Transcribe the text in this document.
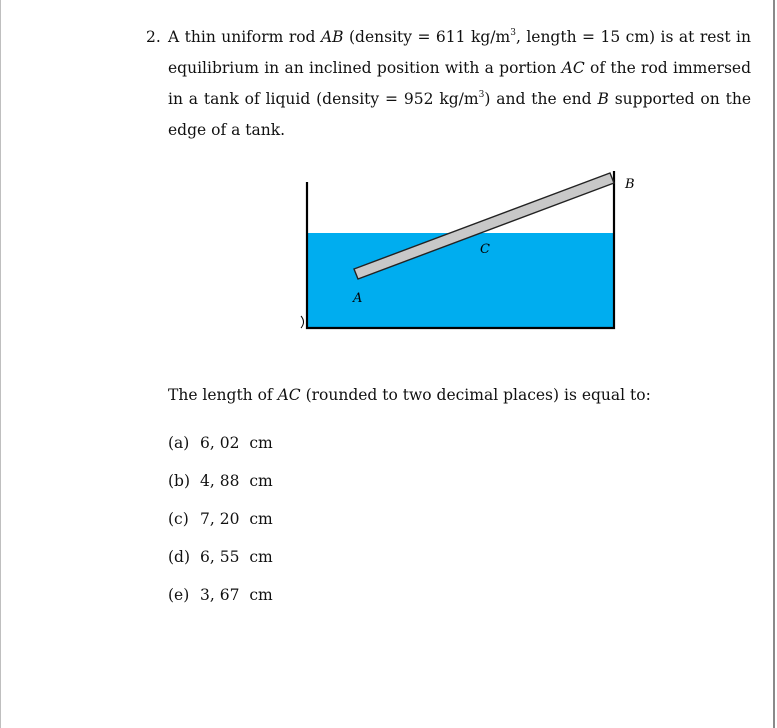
2. A thin uniform rod AB (density = 611 $kg/m^3$, length = 15 cm) is at rest in
equilibrium in an inclined position with a portion AC of the rod immersed
in a tank of liquid (density = 952 $kg/m^3$) and the end B supported on the
edge of a tank.
A
B
C
The length of AC (rounded to two decimal places) is equal to:
(a) 6, 02 cm
(b) 4, 88 cm
(c) 7, 20 cm
(d) 6, 55 cm
(e) 3, 67 cm
